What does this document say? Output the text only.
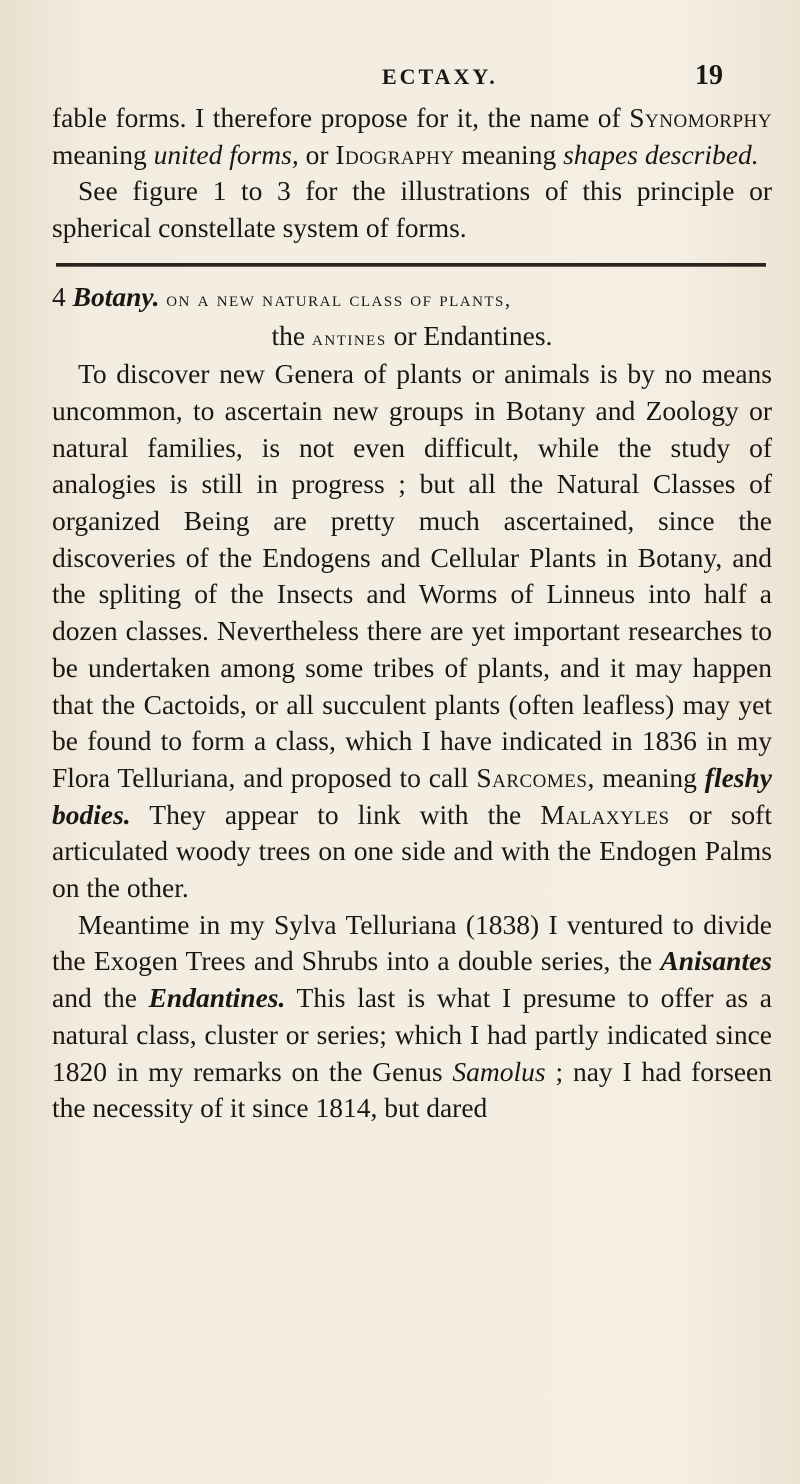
ECTAXY.	19

fable forms. I therefore propose for it, the name of Synomorphy meaning united forms, or Idography meaning shapes described.

See figure 1 to 3 for the illustrations of this principle or spherical constellate system of forms.

4 Botany. on a new natural class of plants,

the antines or Endantines.

To discover new Genera of plants or animals is by no means uncommon, to ascertain new groups in Botany and Zoology or natural families, is not even difficult, while the study of analogies is still in progress ; but all the Natural Classes of organized Being are pretty much ascertained, since the discoveries of the Endogens and Cellular Plants in Botany, and the spliting of the Insects and Worms of Linneus into half a dozen classes. Nevertheless there are yet important researches to be undertaken among some tribes of plants, and it may happen that the Cactoids, or all succulent plants (often leafless) may yet be found to form a class, which I have indicated in 1836 in my Flora Telluriana, and proposed to call Sarcomes, meaning fleshy bodies. They appear to link with the Malaxyles or soft articulated woody trees on one side and with the Endogen Palms on the other.

Meantime in my Sylva Telluriana (1838) I ventured to divide the Exogen Trees and Shrubs into a double series, the Anisantes and the Endantines. This last is what I presume to offer as a natural class, cluster or series; which I had partly indicated since 1820 in my remarks on the Genus Samolus ; nay I had forseen the necessity of it since 1814, but dared
